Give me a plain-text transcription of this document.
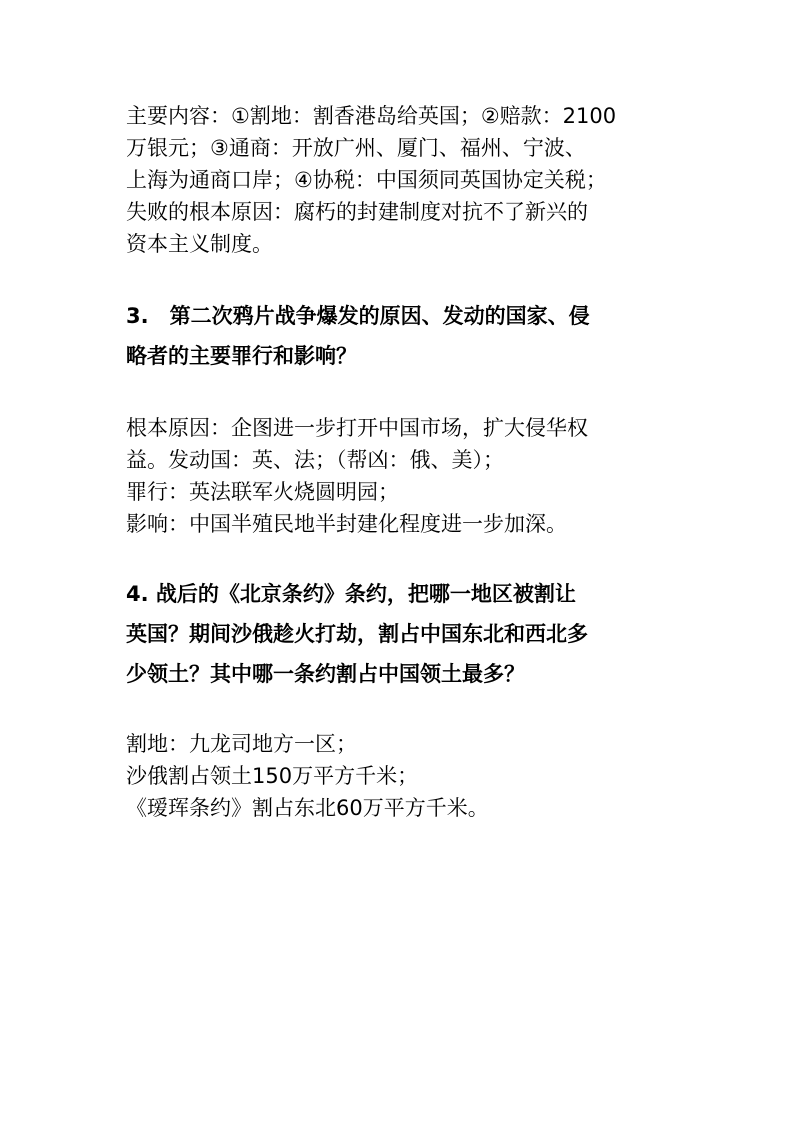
主要内容：①割地：割香港岛给英国；②赔款：2100
万银元；③通商：开放广州、厦门、福州、宁波、
上海为通商口岸；④协税：中国须同英国协定关税；
失败的根本原因：腐朽的封建制度对抗不了新兴的
资本主义制度。
3.　第二次鸦片战争爆发的原因、发动的国家、侵
略者的主要罪行和影响？
根本原因：企图进一步打开中国市场，扩大侵华权
益。发动国：英、法；（帮凶：俄、美）；
罪行：英法联军火烧圆明园；
影响：中国半殖民地半封建化程度进一步加深。
4. 战后的《北京条约》条约，把哪一地区被割让
英国？期间沙俄趁火打劫，割占中国东北和西北多
少领土？其中哪一条约割占中国领土最多？
割地：九龙司地方一区；
沙俄割占领土150万平方千米；
《瑷珲条约》割占东北60万平方千米。
